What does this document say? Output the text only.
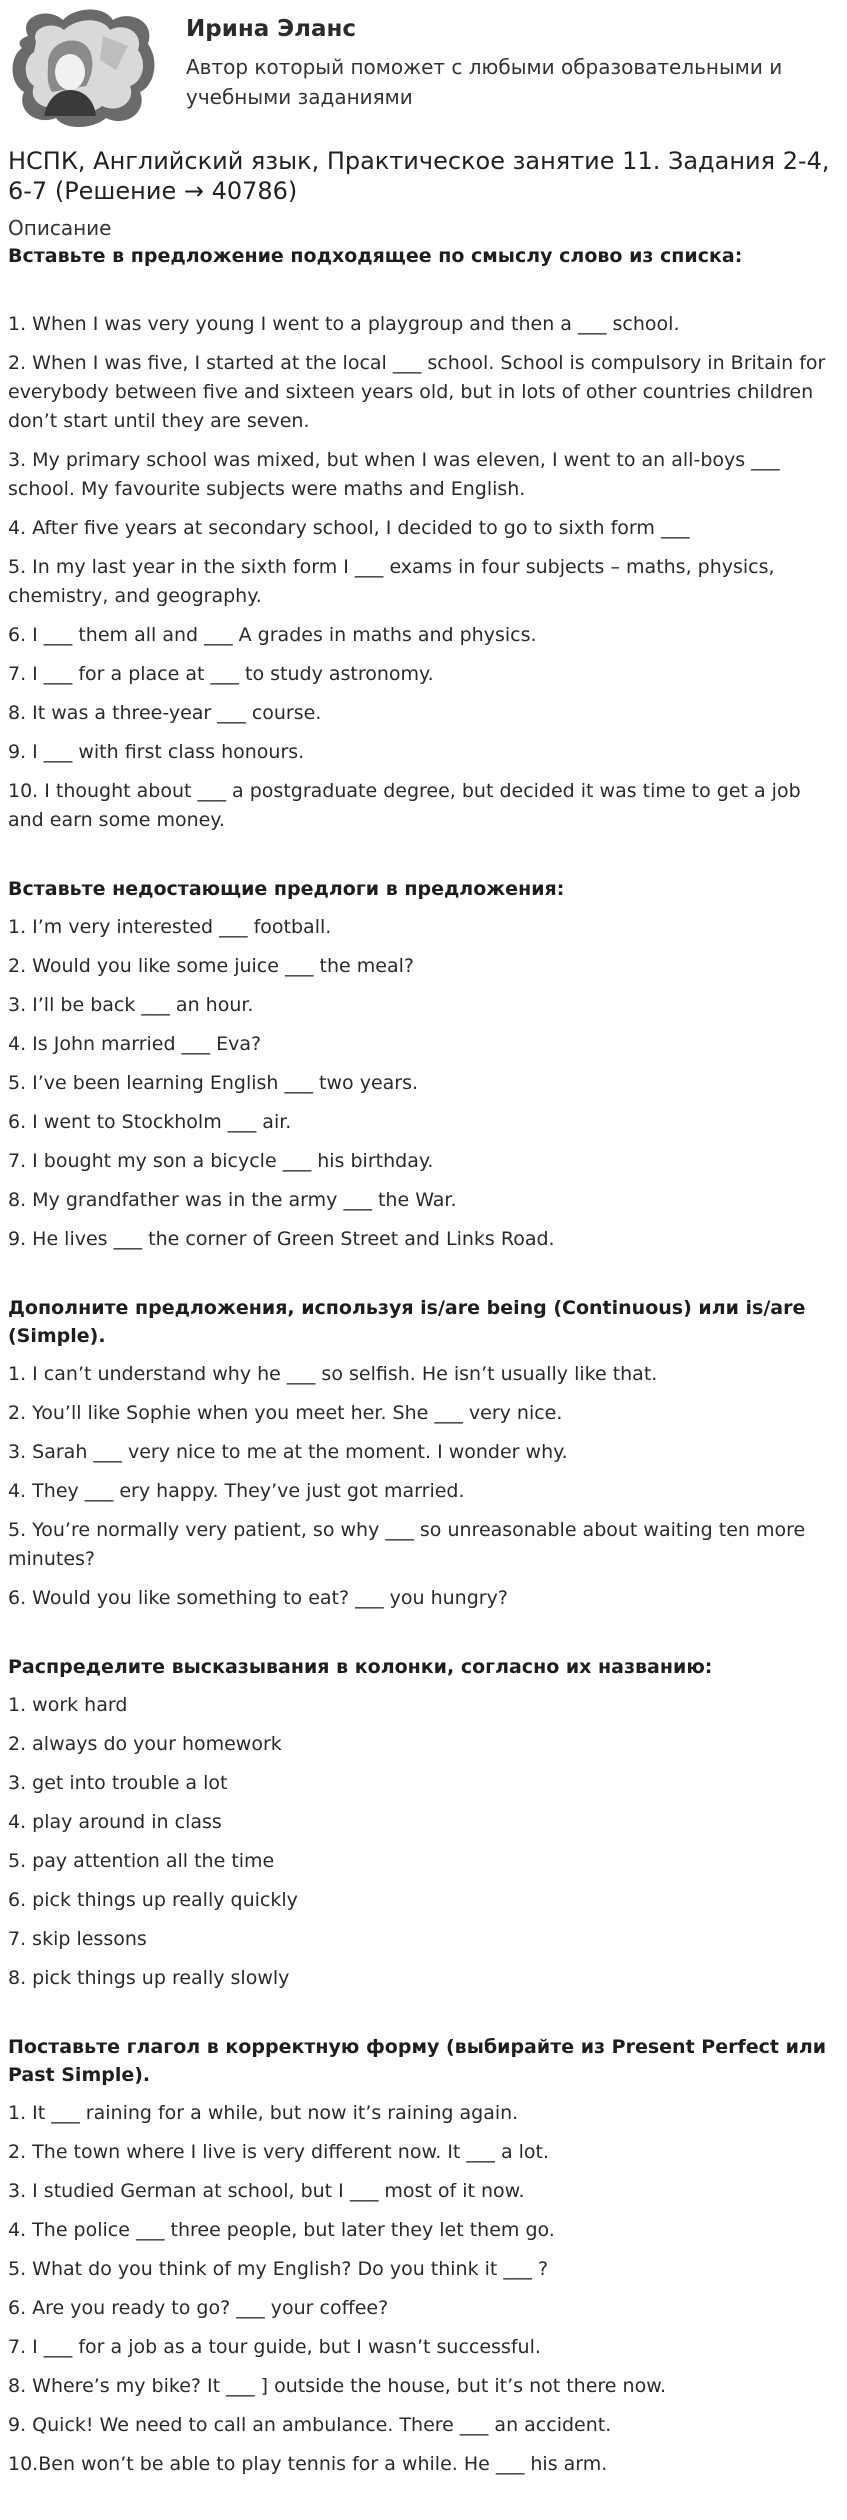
Ирина Эланс
Автор который поможет с любыми образовательными и учебными заданиями
НСПК, Английский язык, Практическое занятие 11. Задания 2-4, 6-7 (Решение → 40786)
Описание
Вставьте в предложение подходящее по смыслу слово из списка:
1. When I was very young I went to a playgroup and then a ___ school.
2. When I was five, I started at the local ___ school. School is compulsory in Britain for everybody between five and sixteen years old, but in lots of other countries children don’t start until they are seven.
3. My primary school was mixed, but when I was eleven, I went to an all-boys ___ school. My favourite subjects were maths and English.
4. After five years at secondary school, I decided to go to sixth form ___
5. In my last year in the sixth form I ___ exams in four subjects – maths, physics, chemistry, and geography.
6. I ___ them all and ___ A grades in maths and physics.
7. I ___ for a place at ___ to study astronomy.
8. It was a three-year ___ course.
9. I ___ with first class honours.
10. I thought about ___ a postgraduate degree, but decided it was time to get a job and earn some money.
Вставьте недостающие предлоги в предложения:
1. I’m very interested ___ football.
2. Would you like some juice ___ the meal?
3. I’ll be back ___ an hour.
4. Is John married ___ Eva?
5. I’ve been learning English ___ two years.
6. I went to Stockholm ___ air.
7. I bought my son a bicycle ___ his birthday.
8. My grandfather was in the army ___ the War.
9. He lives ___ the corner of Green Street and Links Road.
Дополните предложения, используя is/are being (Continuous) или is/are (Simple).
1. I can’t understand why he ___ so selfish. He isn’t usually like that.
2. You’ll like Sophie when you meet her. She ___ very nice.
3. Sarah ___ very nice to me at the moment. I wonder why.
4. They ___ ery happy. They’ve just got married.
5. You’re normally very patient, so why ___ so unreasonable about waiting ten more minutes?
6. Would you like something to eat? ___ you hungry?
Распределите высказывания в колонки, согласно их названию:
1. work hard
2. always do your homework
3. get into trouble a lot
4. play around in class
5. pay attention all the time
6. pick things up really quickly
7. skip lessons
8. pick things up really slowly
Поставьте глагол в корректную форму (выбирайте из Present Perfect или Past Simple).
1. It ___ raining for a while, but now it’s raining again.
2. The town where I live is very different now. It ___ a lot.
3. I studied German at school, but I ___ most of it now.
4. The police ___ three people, but later they let them go.
5. What do you think of my English? Do you think it ___ ?
6. Are you ready to go? ___ your coffee?
7. I ___ for a job as a tour guide, but I wasn’t successful.
8. Where’s my bike? It ___ ] outside the house, but it’s not there now.
9. Quick! We need to call an ambulance. There ___ an accident.
10.Ben won’t be able to play tennis for a while. He ___ his arm.
